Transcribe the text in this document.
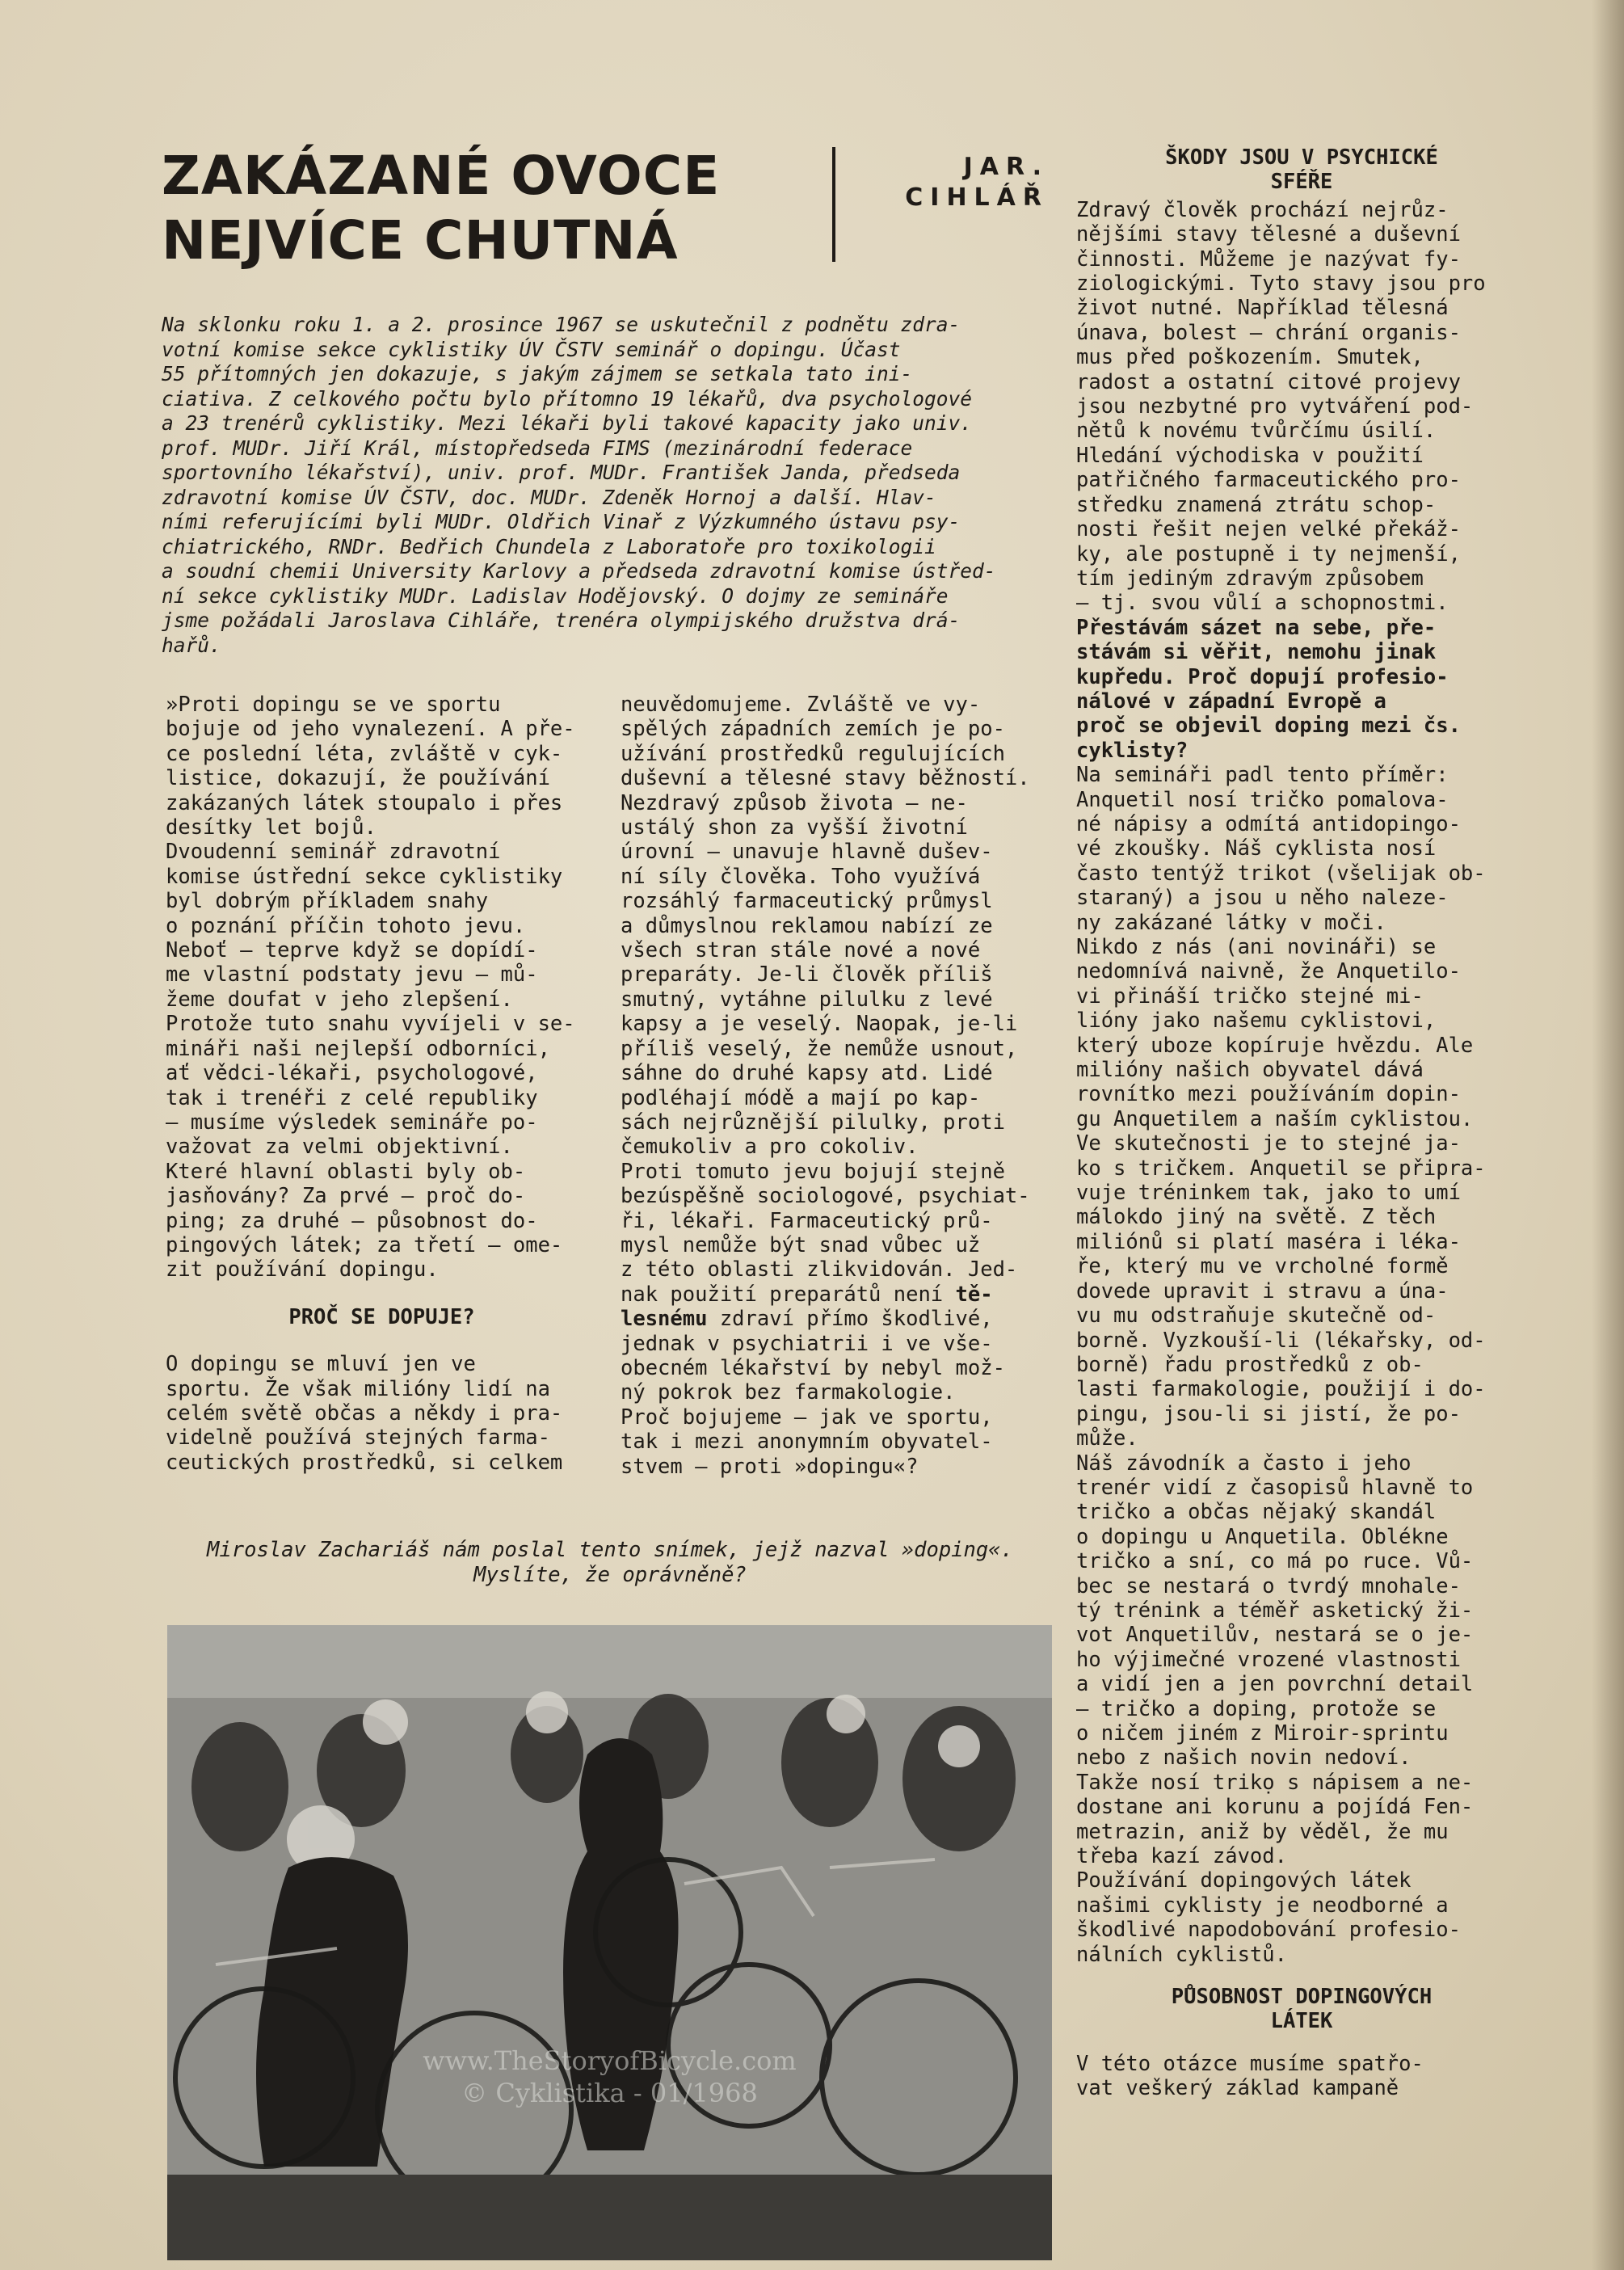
ZAKÁZANÉ OVOCE
NEJVÍCE CHUTNÁ
JAR.
CIHLÁŘ
Na sklonku roku 1. a 2. prosince 1967 se uskutečnil z podnětu zdra-
votní komise sekce cyklistiky ÚV ČSTV seminář o dopingu. Účast
55 přítomných jen dokazuje, s jakým zájmem se setkala tato ini-
ciativa. Z celkového počtu bylo přítomno 19 lékařů, dva psychologové
a 23 trenérů cyklistiky. Mezi lékaři byli takové kapacity jako univ.
prof. MUDr. Jiří Král, místopředseda FIMS (mezinárodní federace
sportovního lékařství), univ. prof. MUDr. František Janda, předseda
zdravotní komise ÚV ČSTV, doc. MUDr. Zdeněk Hornoj a další. Hlav-
ními referujícími byli MUDr. Oldřich Vinař z Výzkumného ústavu psy-
chiatrického, RNDr. Bedřich Chundela z Laboratoře pro toxikologii
a soudní chemii University Karlovy a předseda zdravotní komise ústřed-
ní sekce cyklistiky MUDr. Ladislav Hodějovský. O dojmy ze semináře
jsme požádali Jaroslava Cihláře, trenéra olympijského družstva drá-
hařů.
»Proti dopingu se ve sportu
bojuje od jeho vynalezení. A pře-
ce poslední léta, zvláště v cyk-
listice, dokazují, že používání
zakázaných látek stoupalo i přes
desítky let bojů.
Dvoudenní seminář zdravotní
komise ústřední sekce cyklistiky
byl dobrým příkladem snahy
o poznání příčin tohoto jevu.
Neboť — teprve když se dopídí-
me vlastní podstaty jevu — mů-
žeme doufat v jeho zlepšení.
Protože tuto snahu vyvíjeli v se-
mináři naši nejlepší odborníci,
ať vědci-lékaři, psychologové,
tak i trenéři z celé republiky
— musíme výsledek semináře po-
važovat za velmi objektivní.
Které hlavní oblasti byly ob-
jasňovány? Za prvé — proč do-
ping; za druhé — působnost do-
pingových látek; za třetí — ome-
zit používání dopingu.
PROČ SE DOPUJE?
O dopingu se mluví jen ve
sportu. Že však milióny lidí na
celém světě občas a někdy i pra-
videlně používá stejných farma-
ceutických prostředků, si celkem
neuvědomujeme. Zvláště ve vy-
spělých západních zemích je po-
užívání prostředků regulujících
duševní a tělesné stavy běžností.
Nezdravý způsob života — ne-
ustálý shon za vyšší životní
úrovní — unavuje hlavně dušev-
ní síly člověka. Toho využívá
rozsáhlý farmaceutický průmysl
a důmyslnou reklamou nabízí ze
všech stran stále nové a nové
preparáty. Je-li člověk příliš
smutný, vytáhne pilulku z levé
kapsy a je veselý. Naopak, je-li
příliš veselý, že nemůže usnout,
sáhne do druhé kapsy atd. Lidé
podléhají módě a mají po kap-
sách nejrůznější pilulky, proti
čemukoliv a pro cokoliv.
Proti tomuto jevu bojují stejně
bezúspěšně sociologové, psychiat-
ři, lékaři. Farmaceutický prů-
mysl nemůže být snad vůbec už
z této oblasti zlikvidován. Jed-
nak použití preparátů není tě-
lesnému zdraví přímo škodlivé,
jednak v psychiatrii i ve vše-
obecném lékařství by nebyl mož-
ný pokrok bez farmakologie.
Proč bojujeme — jak ve sportu,
tak i mezi anonymním obyvatel-
stvem — proti »dopingu«?
ŠKODY JSOU V PSYCHICKÉ
SFÉŘE
Zdravý člověk prochází nejrůz-
nějšími stavy tělesné a duševní
činnosti. Můžeme je nazývat fy-
ziologickými. Tyto stavy jsou pro
život nutné. Například tělesná
únava, bolest — chrání organis-
mus před poškozením. Smutek,
radost a ostatní citové projevy
jsou nezbytné pro vytváření pod-
nětů k novému tvůrčímu úsilí.
Hledání východiska v použití
patřičného farmaceutického pro-
středku znamená ztrátu schop-
nosti řešit nejen velké překáž-
ky, ale postupně i ty nejmenší,
tím jediným zdravým způsobem
— tj. svou vůlí a schopnostmi.
Přestávám sázet na sebe, pře-
stávám si věřit, nemohu jinak
kupředu. Proč dopují profesio-
nálové v západní Evropě a
proč se objevil doping mezi čs.
cyklisty?
Na semináři padl tento příměr:
Anquetil nosí tričko pomalova-
né nápisy a odmítá antidopingo-
vé zkoušky. Náš cyklista nosí
často tentýž trikot (všelijak ob-
staraný) a jsou u něho naleze-
ny zakázané látky v moči.
Nikdo z nás (ani novináři) se
nedomnívá naivně, že Anquetilo-
vi přináší tričko stejné mi-
lióny jako našemu cyklistovi,
který uboze kopíruje hvězdu. Ale
milióny našich obyvatel dává
rovnítko mezi používáním dopin-
gu Anquetilem a naším cyklistou.
Ve skutečnosti je to stejné ja-
ko s tričkem. Anquetil se připra-
vuje tréninkem tak, jako to umí
málokdo jiný na světě. Z těch
miliónů si platí maséra i léka-
ře, který mu ve vrcholné formě
dovede upravit i stravu a úna-
vu mu odstraňuje skutečně od-
borně. Vyzkouší-li (lékařsky, od-
borně) řadu prostředků z ob-
lasti farmakologie, použijí i do-
pingu, jsou-li si jistí, že po-
může.
Náš závodník a často i jeho
trenér vidí z časopisů hlavně to
tričko a občas nějaký skandál
o dopingu u Anquetila. Oblékne
tričko a sní, co má po ruce. Vů-
bec se nestará o tvrdý mnohale-
tý trénink a téměř asketický ži-
vot Anquetilův, nestará se o je-
ho výjimečné vrozené vlastnosti
a vidí jen a jen povrchní detail
— tričko a doping, protože se
o ničem jiném z Miroir-sprintu
nebo z našich novin nedoví.
Takže nosí trikọ s nápisem a ne-
dostane ani korunu a pojídá Fen-
metrazin, aniž by věděl, že mu
třeba kazí závod.
Používání dopingových látek
našimi cyklisty je neodborné a
škodlivé napodobování profesio-
nálních cyklistů.
PŮSOBNOST DOPINGOVÝCH
LÁTEK
V této otázce musíme spatřo-
vat veškerý základ kampaně
Miroslav Zachariáš nám poslal tento snímek, jejž nazval »doping«.
Myslíte, že oprávněně?
www.TheStoryofBicycle.com
© Cyklistika - 01/1968
